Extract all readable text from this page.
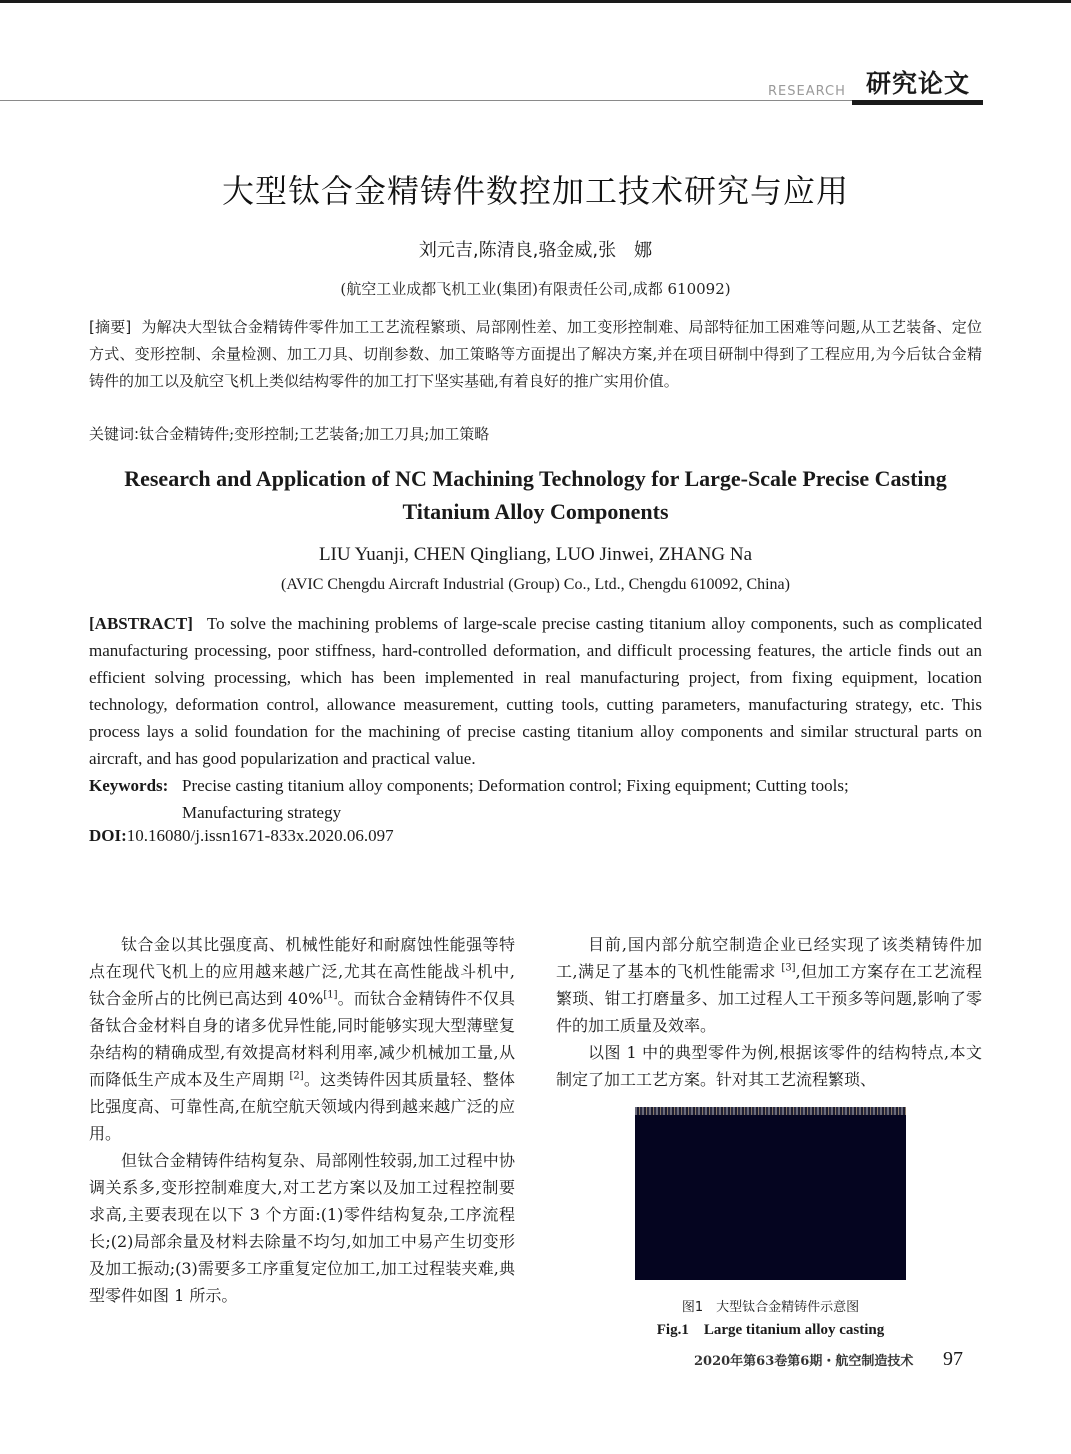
RESEARCH 研究论文
大型钛合金精铸件数控加工技术研究与应用
刘元吉,陈清良,骆金威,张　娜
(航空工业成都飞机工业(集团)有限责任公司,成都 610092)
[摘要] 为解决大型钛合金精铸件零件加工工艺流程繁琐、局部刚性差、加工变形控制难、局部特征加工困难等问题,从工艺装备、定位方式、变形控制、余量检测、加工刀具、切削参数、加工策略等方面提出了解决方案,并在项目研制中得到了工程应用,为今后钛合金精铸件的加工以及航空飞机上类似结构零件的加工打下坚实基础,有着良好的推广实用价值。
关键词:钛合金精铸件;变形控制;工艺装备;加工刀具;加工策略
Research and Application of NC Machining Technology for Large-Scale Precise Casting Titanium Alloy Components
LIU Yuanji, CHEN Qingliang, LUO Jinwei, ZHANG Na
(AVIC Chengdu Aircraft Industrial (Group) Co., Ltd., Chengdu 610092, China)
[ABSTRACT] To solve the machining problems of large-scale precise casting titanium alloy components, such as complicated manufacturing processing, poor stiffness, hard-controlled deformation, and difficult processing features, the article finds out an efficient solving processing, which has been implemented in real manufacturing project, from fixing equipment, location technology, deformation control, allowance measurement, cutting tools, cutting parameters, manufacturing strategy, etc. This process lays a solid foundation for the machining of precise casting titanium alloy components and similar structural parts on aircraft, and has good popularization and practical value.
Keywords: Precise casting titanium alloy components; Deformation control; Fixing equipment; Cutting tools;
Manufacturing strategy
DOI:10.16080/j.issn1671-833x.2020.06.097

钛合金以其比强度高、机械性能好和耐腐蚀性能强等特点在现代飞机上的应用越来越广泛,尤其在高性能战斗机中,钛合金所占的比例已高达到 40%[1]。而钛合金精铸件不仅具备钛合金材料自身的诸多优异性能,同时能够实现大型薄壁复杂结构的精确成型,有效提高材料利用率,减少机械加工量,从而降低生产成本及生产周期 [2]。这类铸件因其质量轻、整体比强度高、可靠性高,在航空航天领域内得到越来越广泛的应用。

但钛合金精铸件结构复杂、局部刚性较弱,加工过程中协调关系多,变形控制难度大,对工艺方案以及加工过程控制要求高,主要表现在以下 3 个方面:(1)零件结构复杂,工序流程长;(2)局部余量及材料去除量不均匀,如加工中易产生切变形及加工振动;(3)需要多工序重复定位加工,加工过程装夹难,典型零件如图 1 所示。

目前,国内部分航空制造企业已经实现了该类精铸件加工,满足了基本的飞机性能需求 [3],但加工方案存在工艺流程繁琐、钳工打磨量多、加工过程人工干预多等问题,影响了零件的加工质量及效率。

以图 1 中的典型零件为例,根据该零件的结构特点,本文制定了加工工艺方案。针对其工艺流程繁琐、

图1　大型钛合金精铸件示意图
Fig.1　Large titanium alloy casting
2020年第63卷第6期・航空制造技术 97
